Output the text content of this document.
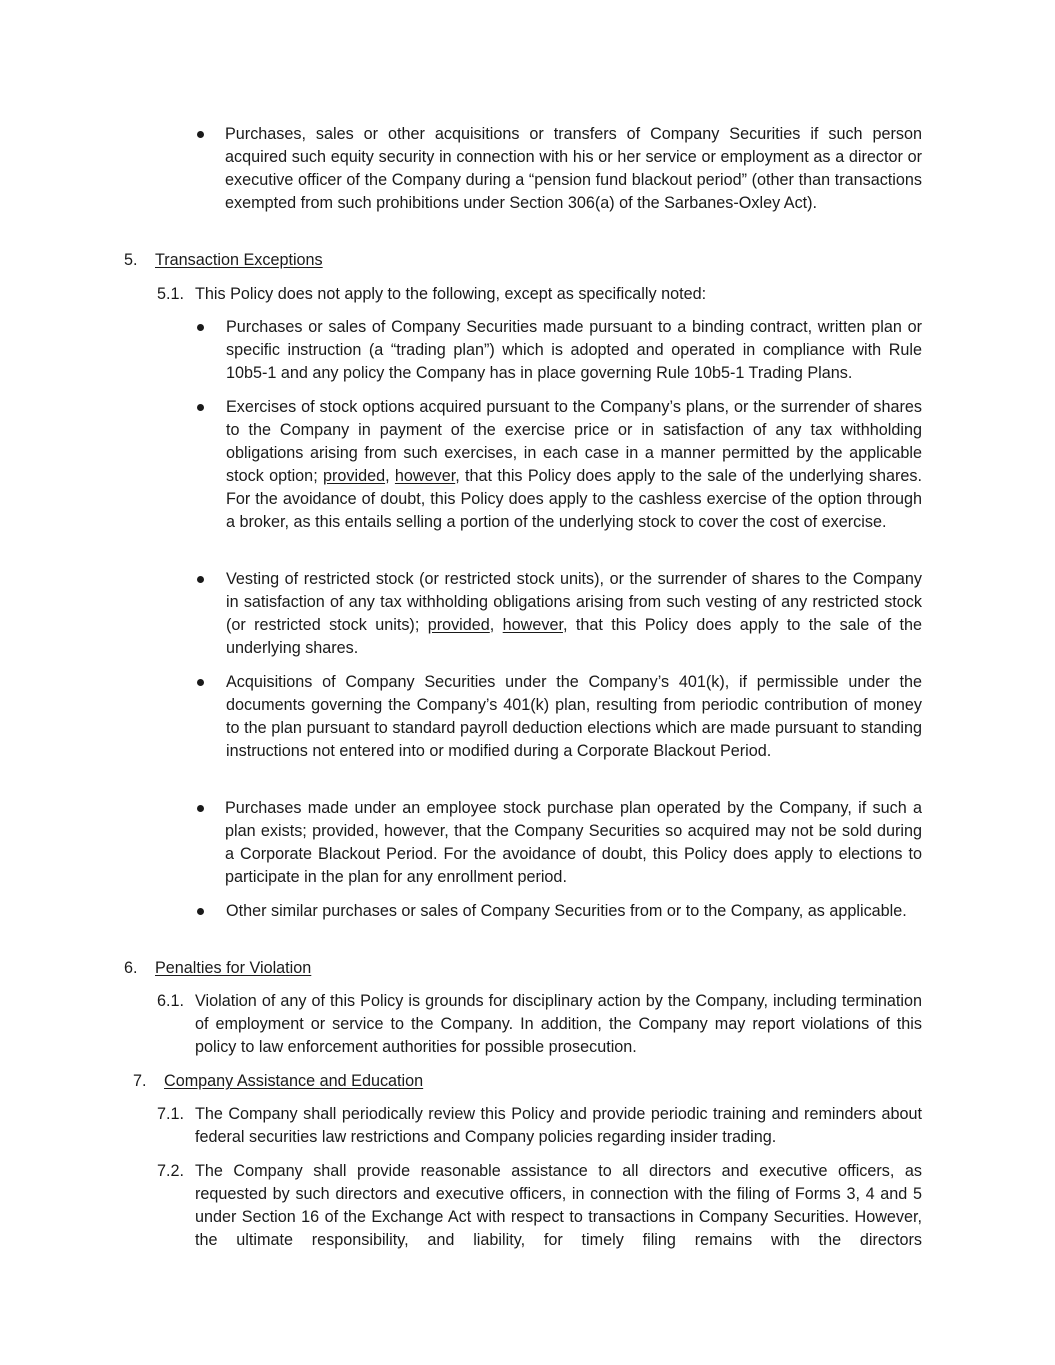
Purchases, sales or other acquisitions or transfers of Company Securities if such person acquired such equity security in connection with his or her service or employment as a director or executive officer of the Company during a “pension fund blackout period” (other than transactions exempted from such prohibitions under Section 306(a) of the Sarbanes-Oxley Act).

5. Transaction Exceptions
5.1. This Policy does not apply to the following, except as specifically noted:

Purchases or sales of Company Securities made pursuant to a binding contract, written plan or specific instruction (a “trading plan”) which is adopted and operated in compliance with Rule 10b5-1 and any policy the Company has in place governing Rule 10b5-1 Trading Plans.

Exercises of stock options acquired pursuant to the Company’s plans, or the surrender of shares to the Company in payment of the exercise price or in satisfaction of any tax withholding obligations arising from such exercises, in each case in a manner permitted by the applicable stock option; provided, however, that this Policy does apply to the sale of the underlying shares. For the avoidance of doubt, this Policy does apply to the cashless exercise of the option through a broker, as this entails selling a portion of the underlying stock to cover the cost of exercise.

Vesting of restricted stock (or restricted stock units), or the surrender of shares to the Company in satisfaction of any tax withholding obligations arising from such vesting of any restricted stock (or restricted stock units); provided, however, that this Policy does apply to the sale of the underlying shares.

Acquisitions of Company Securities under the Company’s 401(k), if permissible under the documents governing the Company’s 401(k) plan, resulting from periodic contribution of money to the plan pursuant to standard payroll deduction elections which are made pursuant to standing instructions not entered into or modified during a Corporate Blackout Period.

Purchases made under an employee stock purchase plan operated by the Company, if such a plan exists; provided, however, that the Company Securities so acquired may not be sold during a Corporate Blackout Period. For the avoidance of doubt, this Policy does apply to elections to participate in the plan for any enrollment period.

Other similar purchases or sales of Company Securities from or to the Company, as applicable.

6. Penalties for Violation
6.1. Violation of any of this Policy is grounds for disciplinary action by the Company, including termination of employment or service to the Company. In addition, the Company may report violations of this policy to law enforcement authorities for possible prosecution.

7. Company Assistance and Education
7.1. The Company shall periodically review this Policy and provide periodic training and reminders about federal securities law restrictions and Company policies regarding insider trading.

7.2. The Company shall provide reasonable assistance to all directors and executive officers, as requested by such directors and executive officers, in connection with the filing of Forms 3, 4 and 5 under Section 16 of the Exchange Act with respect to transactions in Company Securities. However, the ultimate responsibility, and liability, for timely filing remains with the directors
